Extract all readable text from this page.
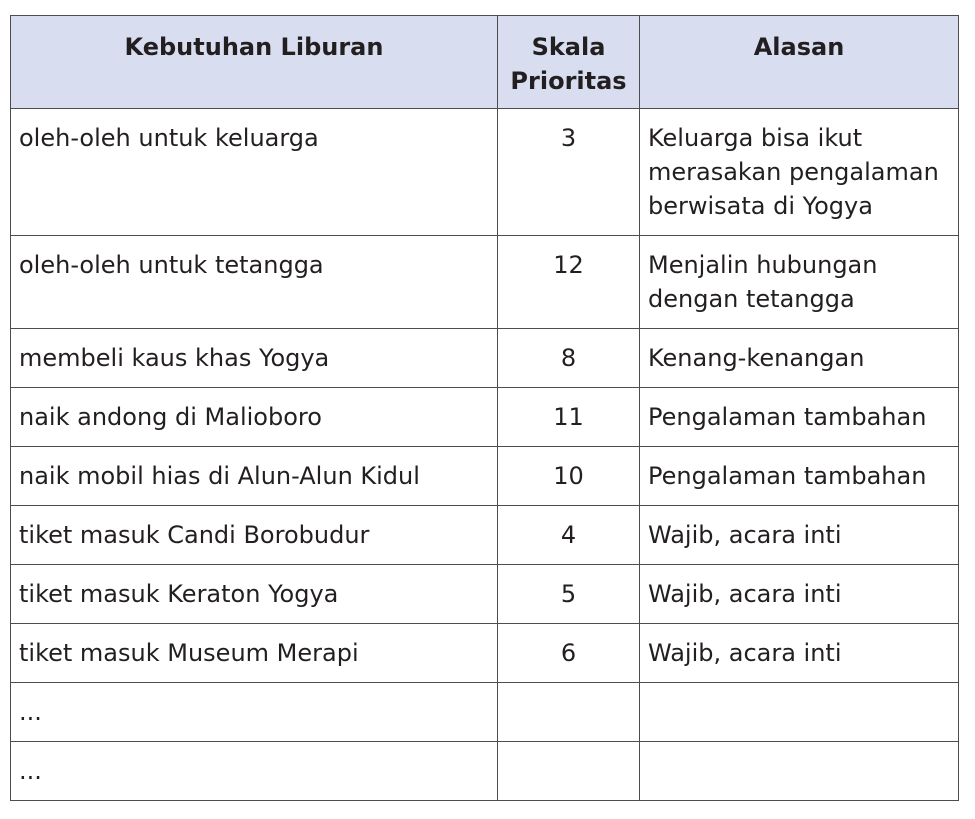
Kebutuhan Liburan	Skala Prioritas	Alasan
oleh-oleh untuk keluarga	3	Keluarga bisa ikut merasakan pengalaman berwisata di Yogya
oleh-oleh untuk tetangga	12	Menjalin hubungan dengan tetangga
membeli kaus khas Yogya	8	Kenang-kenangan
naik andong di Malioboro	11	Pengalaman tambahan
naik mobil hias di Alun-Alun Kidul	10	Pengalaman tambahan
tiket masuk Candi Borobudur	4	Wajib, acara inti
tiket masuk Keraton Yogya	5	Wajib, acara inti
tiket masuk Museum Merapi	6	Wajib, acara inti
...		
...		
